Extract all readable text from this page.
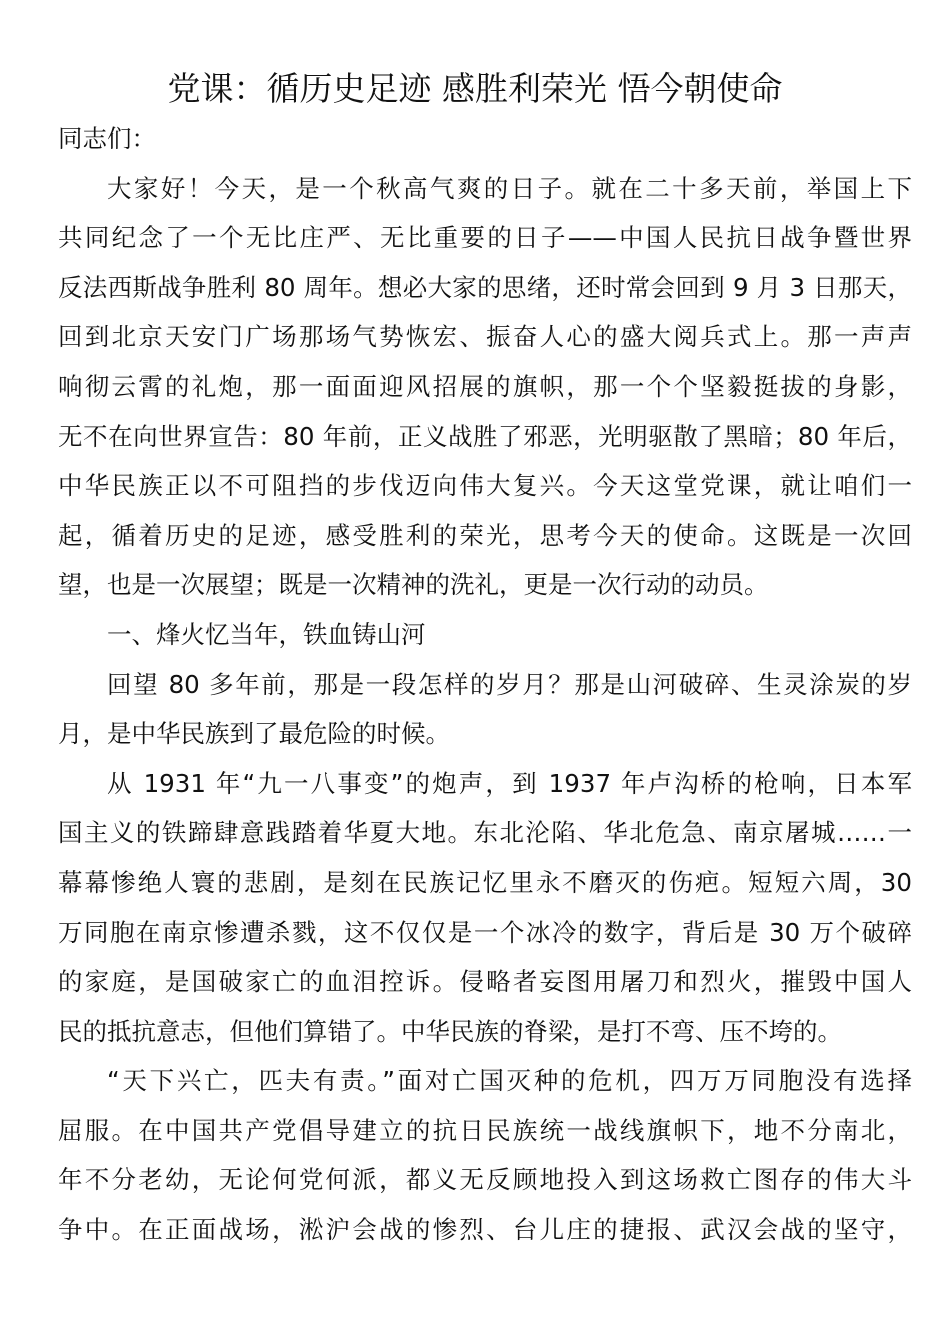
党课：循历史足迹 感胜利荣光 悟今朝使命
同志们：
大家好！今天，是一个秋高气爽的日子。就在二十多天前，举国上下
共同纪念了一个无比庄严、无比重要的日子——中国人民抗日战争暨世界
反法西斯战争胜利 80 周年。想必大家的思绪，还时常会回到 9 月 3 日那天，
回到北京天安门广场那场气势恢宏、振奋人心的盛大阅兵式上。那一声声
响彻云霄的礼炮，那一面面迎风招展的旗帜，那一个个坚毅挺拔的身影，
无不在向世界宣告：80 年前，正义战胜了邪恶，光明驱散了黑暗；80 年后，
中华民族正以不可阻挡的步伐迈向伟大复兴。今天这堂党课，就让咱们一
起，循着历史的足迹，感受胜利的荣光，思考今天的使命。这既是一次回
望，也是一次展望；既是一次精神的洗礼，更是一次行动的动员。
一、烽火忆当年，铁血铸山河
回望 80 多年前，那是一段怎样的岁月？那是山河破碎、生灵涂炭的岁
月，是中华民族到了最危险的时候。
从 1931 年“九一八事变”的炮声，到 1937 年卢沟桥的枪响，日本军
国主义的铁蹄肆意践踏着华夏大地。东北沦陷、华北危急、南京屠城……一
幕幕惨绝人寰的悲剧，是刻在民族记忆里永不磨灭的伤疤。短短六周，30
万同胞在南京惨遭杀戮，这不仅仅是一个冰冷的数字，背后是 30 万个破碎
的家庭，是国破家亡的血泪控诉。侵略者妄图用屠刀和烈火，摧毁中国人
民的抵抗意志，但他们算错了。中华民族的脊梁，是打不弯、压不垮的。
“天下兴亡，匹夫有责。”面对亡国灭种的危机，四万万同胞没有选择
屈服。在中国共产党倡导建立的抗日民族统一战线旗帜下，地不分南北，
年不分老幼，无论何党何派，都义无反顾地投入到这场救亡图存的伟大斗
争中。在正面战场，淞沪会战的惨烈、台儿庄的捷报、武汉会战的坚守，
